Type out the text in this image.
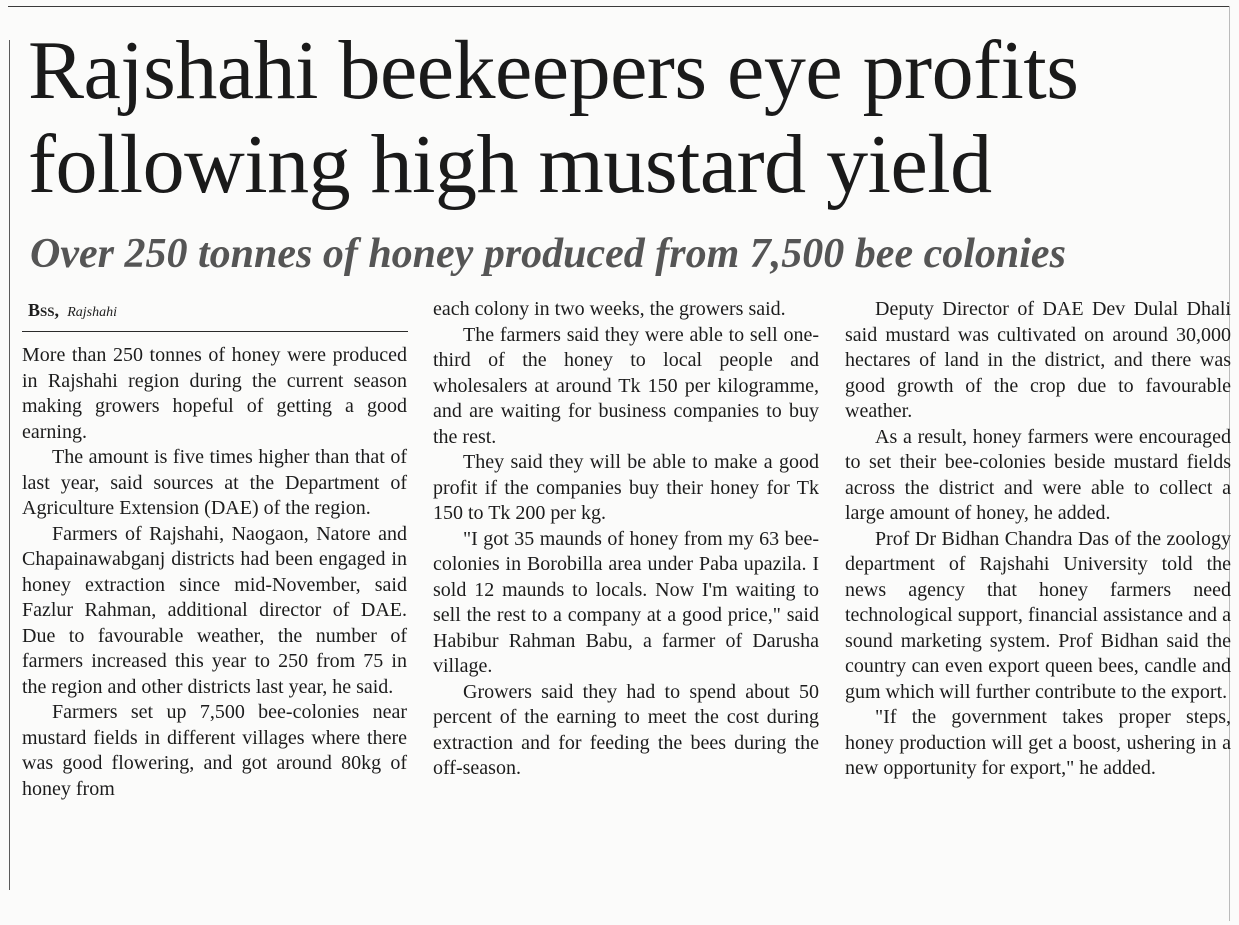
Rajshahi beekeepers eye profits
following high mustard yield
Over 250 tonnes of honey produced from 7,500 bee colonies
Bss, Rajshahi

More than 250 tonnes of honey were produced in Rajshahi region during the current season making growers hopeful of getting a good earning.

The amount is five times higher than that of last year, said sources at the Department of Agriculture Extension (DAE) of the region.

Farmers of Rajshahi, Naogaon, Natore and Chapainawabganj districts had been engaged in honey extraction since mid-November, said Fazlur Rahman, additional director of DAE. Due to favourable weather, the number of farmers increased this year to 250 from 75 in the region and other districts last year, he said.

Farmers set up 7,500 bee-colonies near mustard fields in different villages where there was good flowering, and got around 80kg of honey from

each colony in two weeks, the growers said.

The farmers said they were able to sell one-third of the honey to local people and wholesalers at around Tk 150 per kilogramme, and are waiting for business companies to buy the rest.

They said they will be able to make a good profit if the companies buy their honey for Tk 150 to Tk 200 per kg.

"I got 35 maunds of honey from my 63 bee-colonies in Borobilla area under Paba upazila. I sold 12 maunds to locals. Now I'm waiting to sell the rest to a company at a good price," said Habibur Rahman Babu, a farmer of Darusha village.

Growers said they had to spend about 50 percent of the earning to meet the cost during extraction and for feeding the bees during the off-season.

Deputy Director of DAE Dev Dulal Dhali said mustard was cultivated on around 30,000 hectares of land in the district, and there was good growth of the crop due to favourable weather.

As a result, honey farmers were encouraged to set their bee-colonies beside mustard fields across the district and were able to collect a large amount of honey, he added.

Prof Dr Bidhan Chandra Das of the zoology department of Rajshahi University told the news agency that honey farmers need technological support, financial assistance and a sound marketing system. Prof Bidhan said the country can even export queen bees, candle and gum which will further contribute to the export.

"If the government takes proper steps, honey production will get a boost, ushering in a new opportunity for export," he added.
